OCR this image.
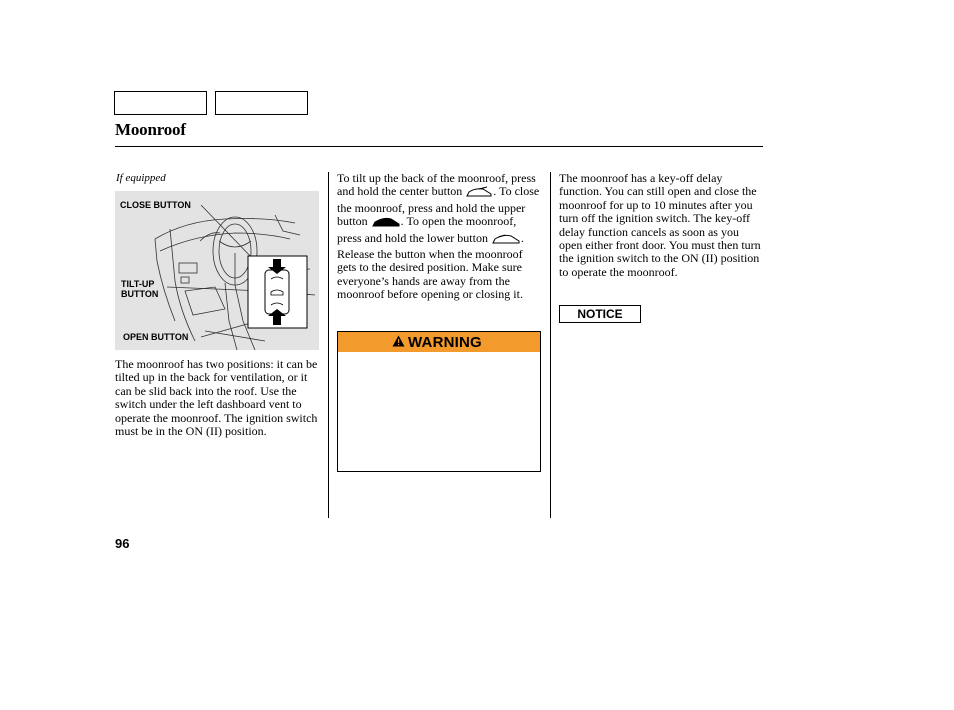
Moonroof
If equipped
CLOSE BUTTON
TILT-UP BUTTON
OPEN BUTTON
The moonroof has two positions: it can be tilted up in the back for ventilation, or it can be slid back into the roof. Use the switch under the left dashboard vent to operate the moonroof. The ignition switch must be in the ON (II) position.
To tilt up the back of the moonroof, press and hold the center button	. To close the moonroof, press and hold the upper button	. To open the moonroof, press and hold the lower button	. Release the button when the moonroof gets to the desired position. Make sure everyone’s hands are away from the moonroof before opening or closing it.
WARNING
The moonroof has a key-off delay function. You can still open and close the moonroof for up to 10 minutes after you turn off the ignition switch. The key-off delay function cancels as soon as you open either front door. You must then turn the ignition switch to the ON (II) position to operate the moonroof.
NOTICE
96
